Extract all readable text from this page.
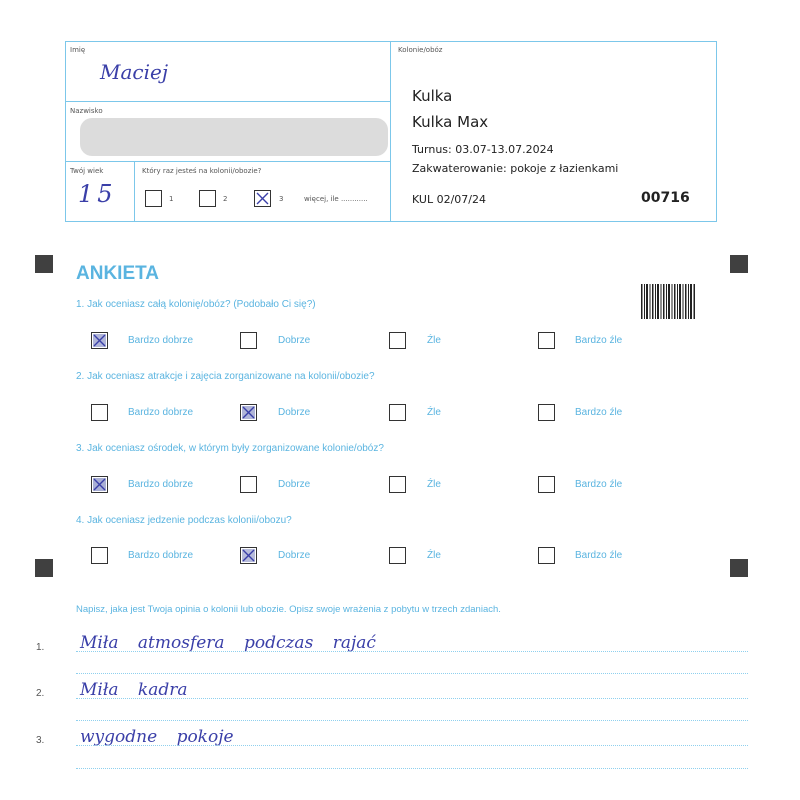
Imię
Maciej
Nazwisko
Twój wiek
15
Który raz jesteś na kolonii/obozie?
1	2	3	więcej, ile ............
Kolonie/obóz
Kulka
Kulka Max
Turnus: 03.07-13.07.2024
Zakwaterowanie: pokoje z łazienkami
KUL 02/07/24	00716
ANKIETA
1. Jak oceniasz całą kolonię/obóz? (Podobało Ci się?)
Bardzo dobrze	Dobrze	Źle	Bardzo źle
2. Jak oceniasz atrakcje i zajęcia zorganizowane na kolonii/obozie?
Bardzo dobrze	Dobrze	Źle	Bardzo źle
3. Jak oceniasz ośrodek, w którym były zorganizowane kolonie/obóz?
Bardzo dobrze	Dobrze	Źle	Bardzo źle
4. Jak oceniasz jedzenie podczas kolonii/obozu?
Bardzo dobrze	Dobrze	Źle	Bardzo źle
Napisz, jaka jest Twoja opinia o kolonii lub obozie. Opisz swoje wrażenia z pobytu w trzech zdaniach.
1. Miła atmosfera podczas rajać
2. Miła kadra
3. wygodne pokoje
